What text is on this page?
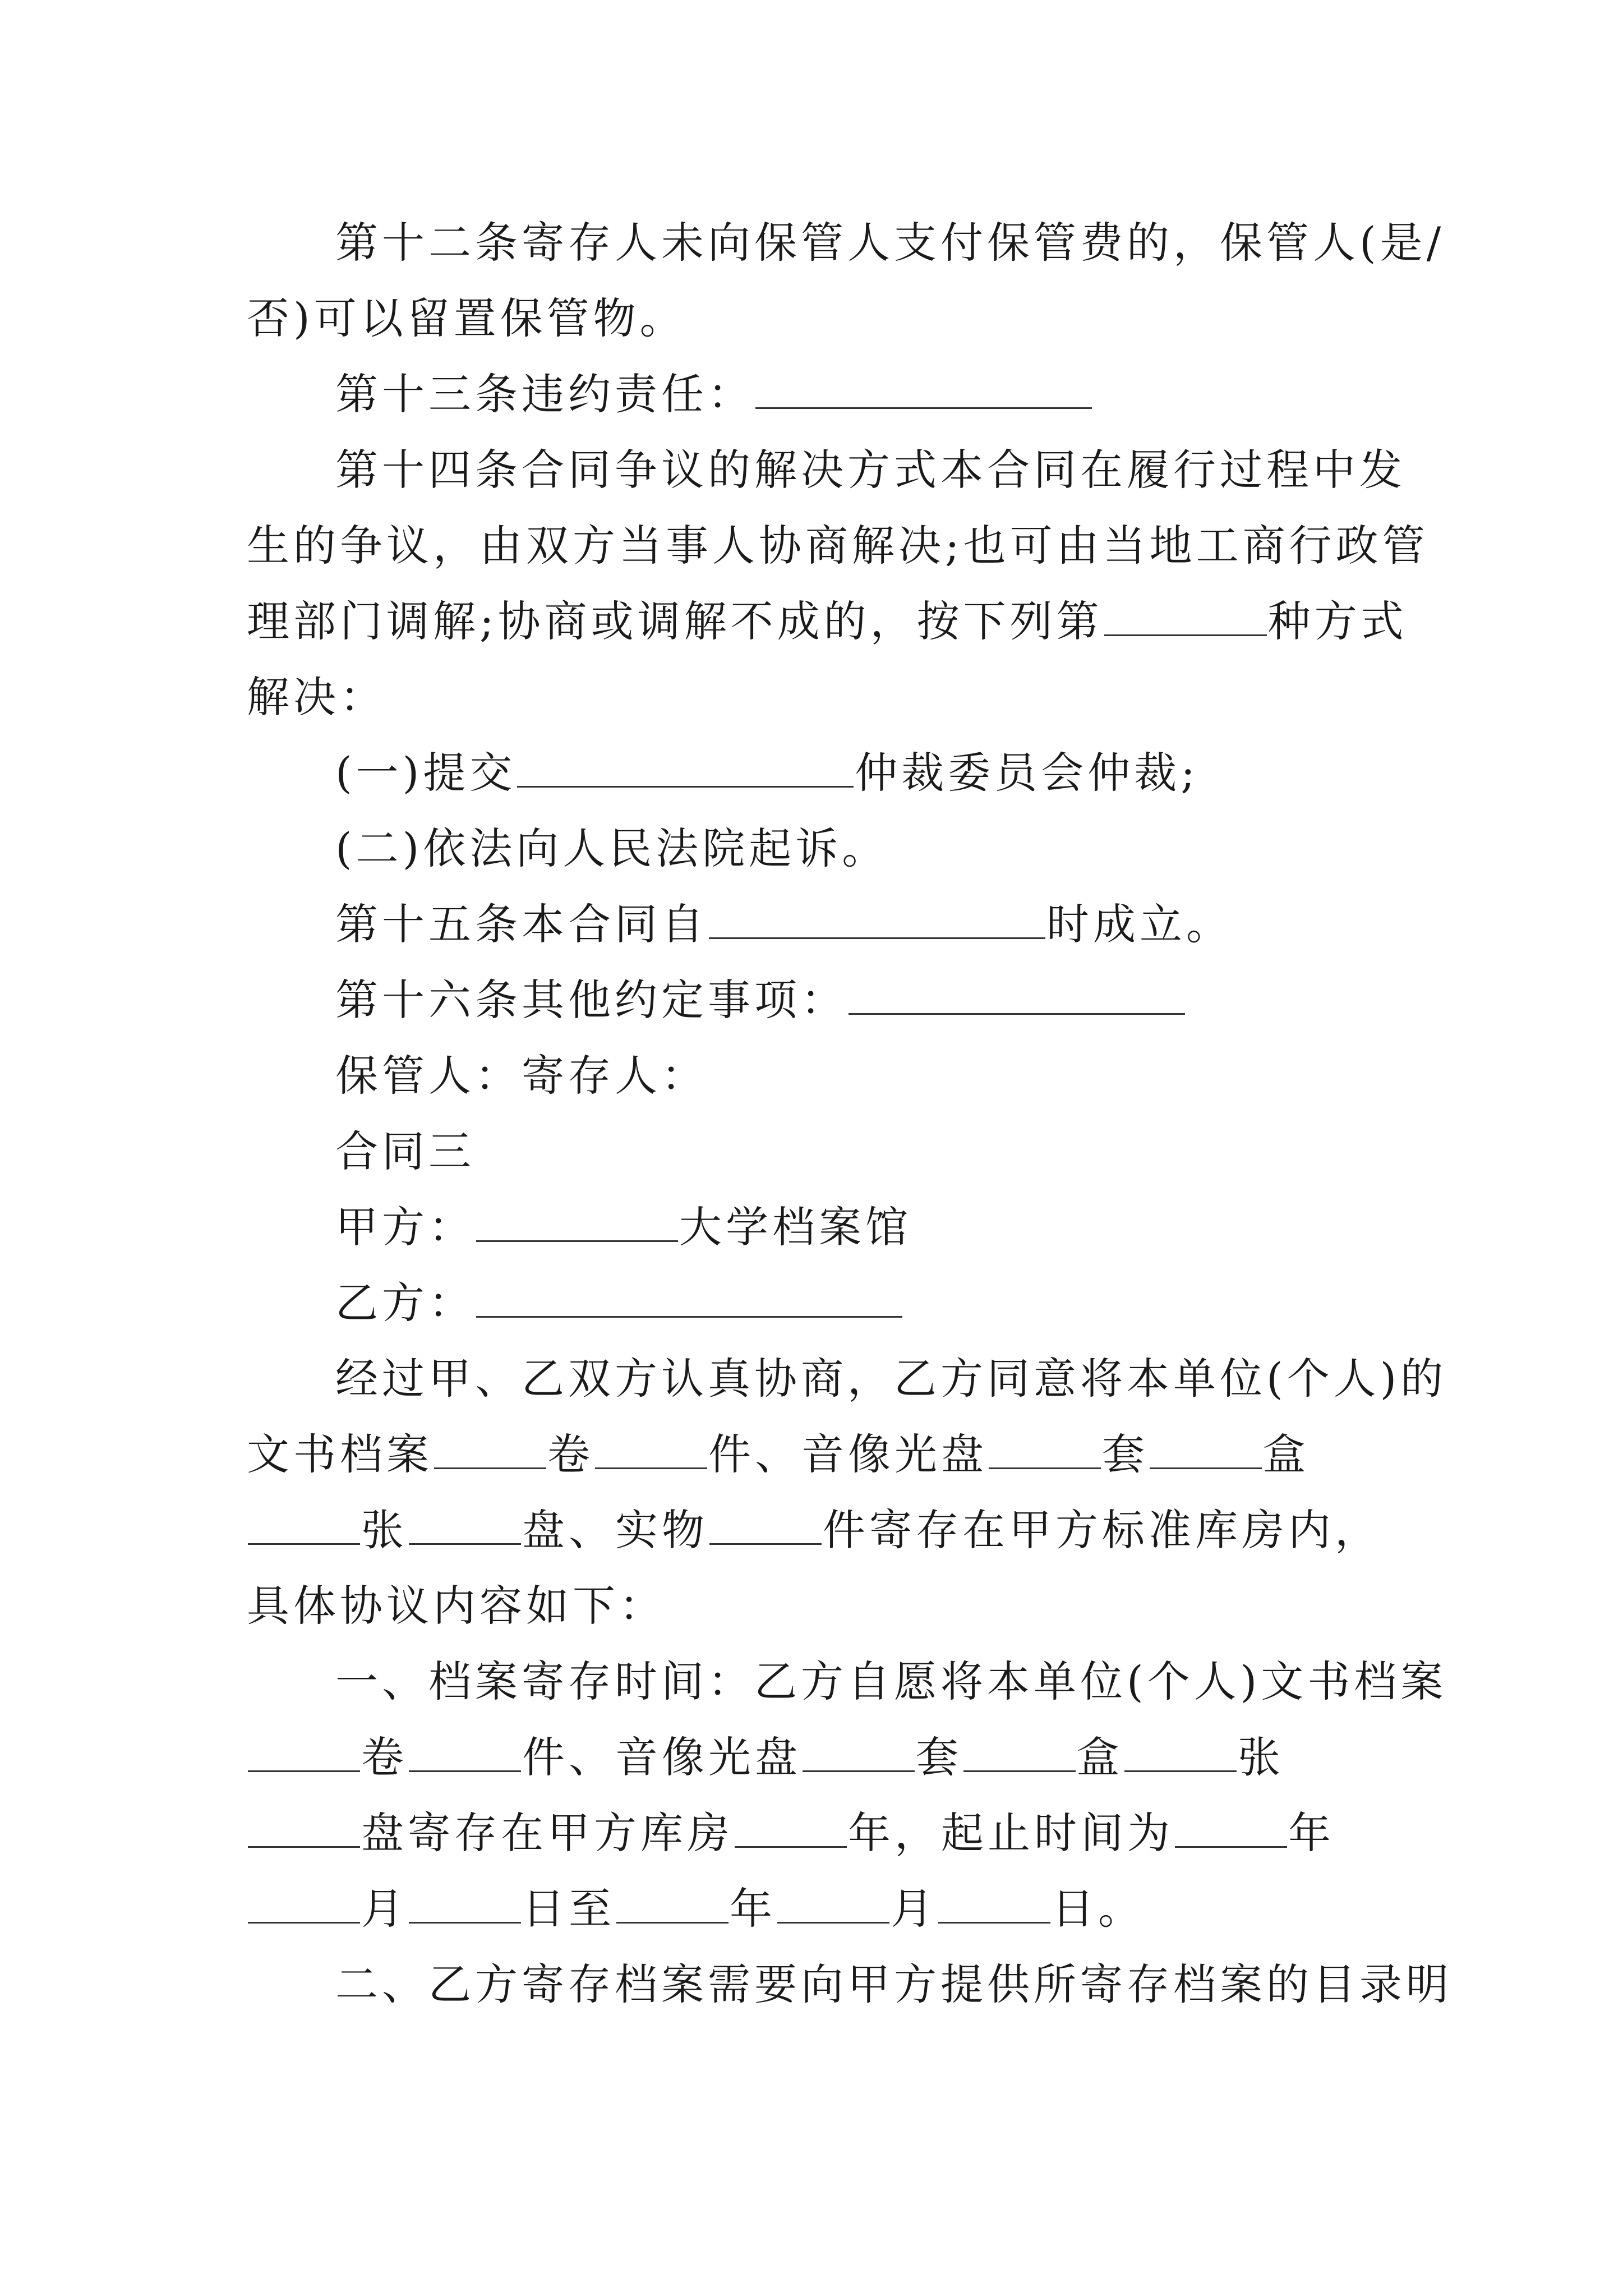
第十二条寄存人未向保管人支付保管费的，保管人(是/
否)可以留置保管物。
第十三条违约责任：
第十四条合同争议的解决方式本合同在履行过程中发
生的争议，由双方当事人协商解决;也可由当地工商行政管
理部门调解;协商或调解不成的，按下列第	种方式
解决：
(一)提交	仲裁委员会仲裁;
(二)依法向人民法院起诉。
第十五条本合同自	时成立。
第十六条其他约定事项：
保管人：寄存人：
合同三
甲方：	大学档案馆
乙方：
经过甲、乙双方认真协商，乙方同意将本单位(个人)的
文书档案	卷	件、音像光盘	套	盒
张	盘、实物	件寄存在甲方标准库房内，
具体协议内容如下：
一、档案寄存时间：乙方自愿将本单位(个人)文书档案
卷	件、音像光盘	套	盒	张
盘寄存在甲方库房	年，起止时间为	年
月	日至	年	月	日。
二、乙方寄存档案需要向甲方提供所寄存档案的目录明
